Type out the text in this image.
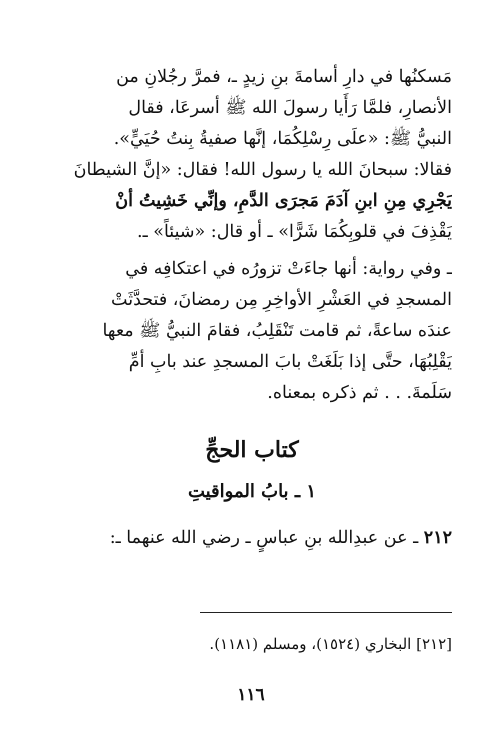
مَسكنُها في دارِ أسامةَ بنِ زيدٍ ـ، فمرَّ رجُلانِ من
الأنصارِ، فلمَّا رَأَيا رسولَ الله ﷺ أسرعَا، فقال
النبيُّ ﷺ: «علَى رِسْلِكُمَا، إنَّها صفيةُ بِنتُ حُيَيٍّ».
فقالا: سبحانَ الله يا رسول الله! فقال: «إنَّ الشيطانَ
يَجْرِي مِنِ ابنِ آدَمَ مَجرَى الدَّمِ، وإنِّي خَشِيتُ أنْ
يَقْذِفَ في قلوبِكُمَا شَرًّا» ـ أو قال: «شيئاً» ـ.
ـ وفي رواية: أنها جاءَتْ تزورُه في اعتكافِه في
المسجدِ في العَشْرِ الأواخِرِ مِن رمضانَ، فتحدَّثَتْ
عندَه ساعةً، ثم قامت تَنْقَلِبُ، فقامَ النبيُّ ﷺ معها
يَقْلِبُهَا، حتَّى إذا بَلَغَتْ بابَ المسجدِ عند بابِ أمِّ
سَلَمةَ. . . ثم ذكره بمعناه.
كتاب الحجِّ
١ ـ بابُ المواقيتِ
٢١٢ ـ عن عبدِالله بنِ عباسٍ ـ رضي الله عنهما ـ:
[٢١٢] البخاري (١٥٢٤)، ومسلم (١١٨١).
١١٦
